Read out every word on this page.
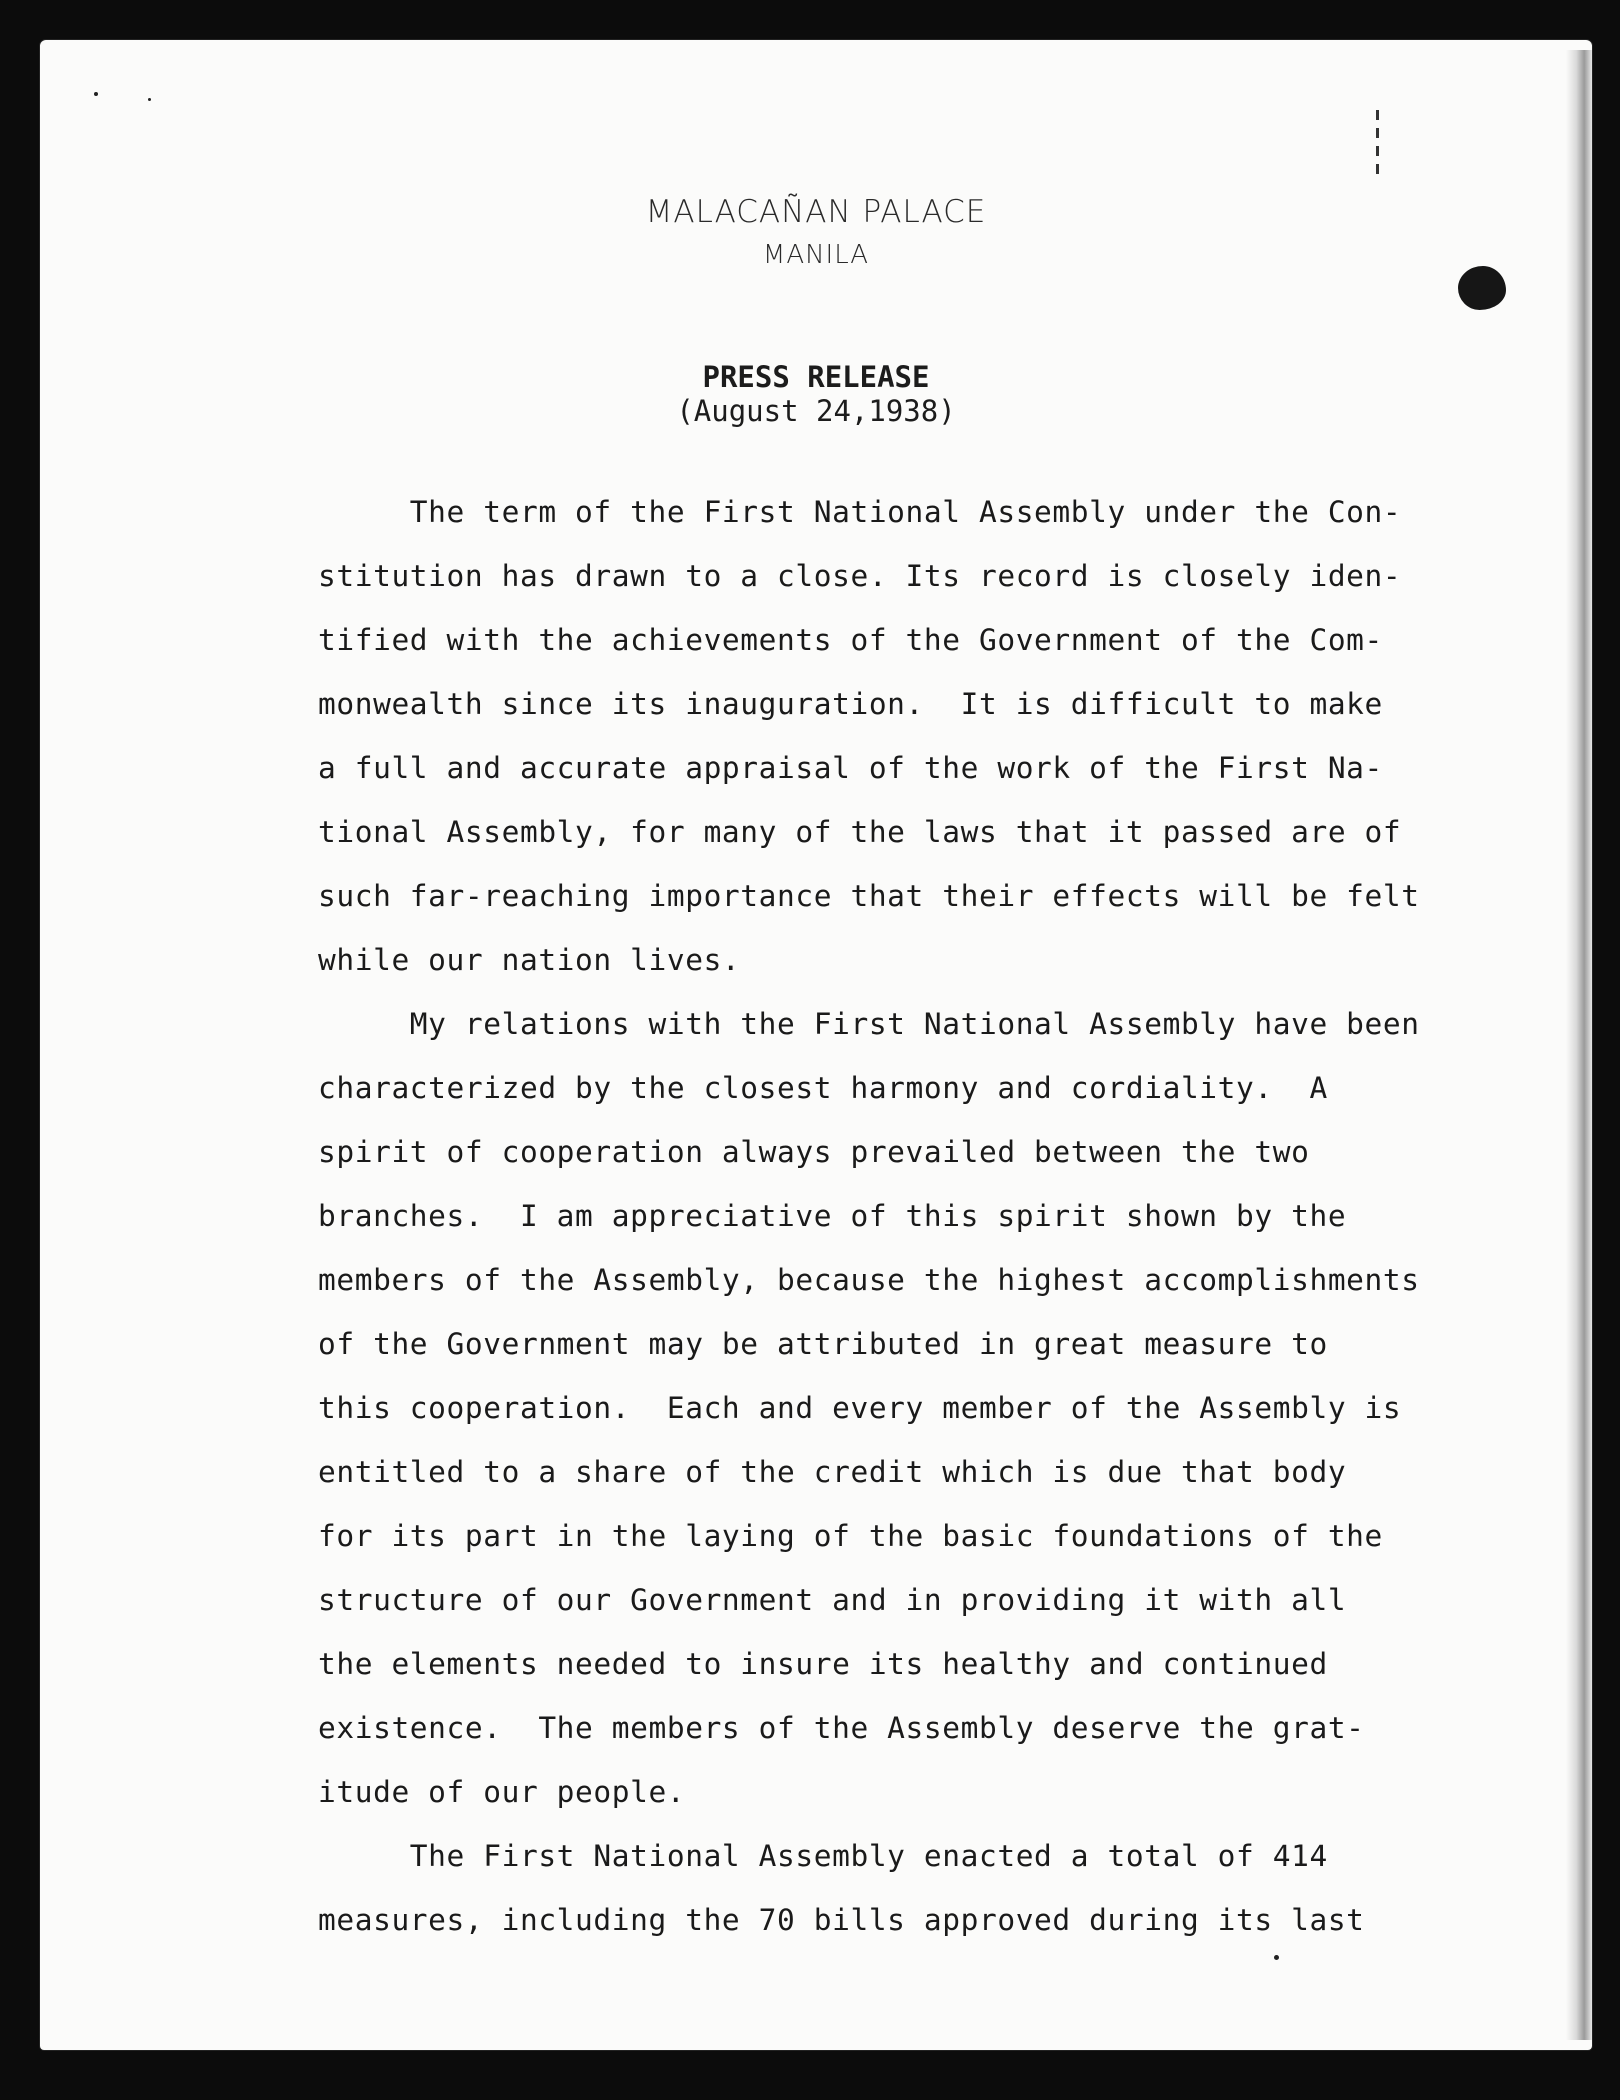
MALACAÑAN PALACE
MANILA
PRESS RELEASE
(August 24,1938)
The term of the First National Assembly under the Con-
stitution has drawn to a close. Its record is closely iden-
tified with the achievements of the Government of the Com-
monwealth since its inauguration.  It is difficult to make
a full and accurate appraisal of the work of the First Na-
tional Assembly, for many of the laws that it passed are of
such far-reaching importance that their effects will be felt
while our nation lives.
My relations with the First National Assembly have been
characterized by the closest harmony and cordiality.  A
spirit of cooperation always prevailed between the two
branches.  I am appreciative of this spirit shown by the
members of the Assembly, because the highest accomplishments
of the Government may be attributed in great measure to
this cooperation.  Each and every member of the Assembly is
entitled to a share of the credit which is due that body
for its part in the laying of the basic foundations of the
structure of our Government and in providing it with all
the elements needed to insure its healthy and continued
existence.  The members of the Assembly deserve the grat-
itude of our people.
The First National Assembly enacted a total of 414
measures, including the 70 bills approved during its last
